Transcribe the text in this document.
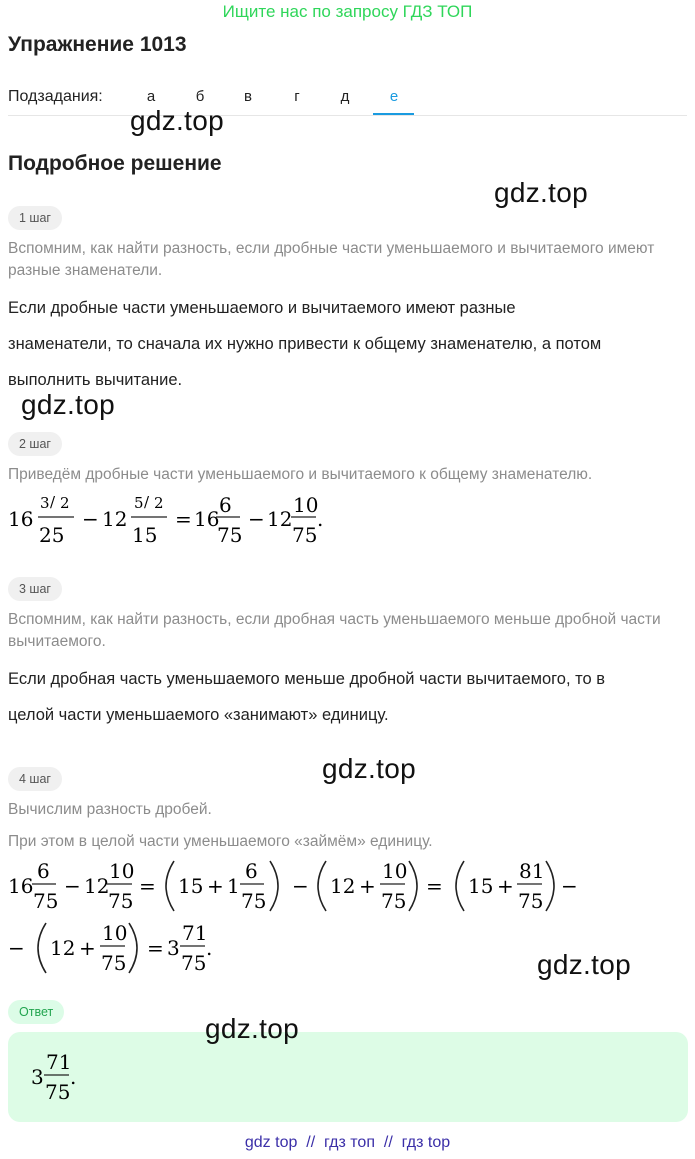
Ищите нас по запросу ГДЗ ТОП
Упражнение 1013
Подзадания:	а	б	в	г	д	е
gdz.top
Подробное решение
gdz.top
1 шаг
Вспомним, как найти разность, если дробные части уменьшаемого и вычитаемого имеют разные знаменатели.
Если дробные части уменьшаемого и вычитаемого имеют разные
знаменатели, то сначала их нужно привести к общему знаменателю, а потом
выполнить вычитание.
gdz.top
2 шаг
Приведём дробные части уменьшаемого и вычитаемого к общему знаменателю.
16
3 / 2
25
− 12
5 / 2
15
= 16
6
75
− 12
10
75
.
3 шаг
Вспомним, как найти разность, если дробная часть уменьшаемого меньше дробной части вычитаемого.
Если дробная часть уменьшаемого меньше дробной части вычитаемого, то в
целой части уменьшаемого «занимают» единицу.
gdz.top
4 шаг
Вычислим разность дробей.
При этом в целой части уменьшаемого «займём» единицу.
16
6
75
− 12
10
75
= 15 + 1
6
75
− 12 +
10
75
= 15 +
81
75
−
− 12 +
10
75
= 3
71
75
.
gdz.top
Ответ
3
71
75
.
gdz.top
gdz top  //  гдз топ  //  гдз top
